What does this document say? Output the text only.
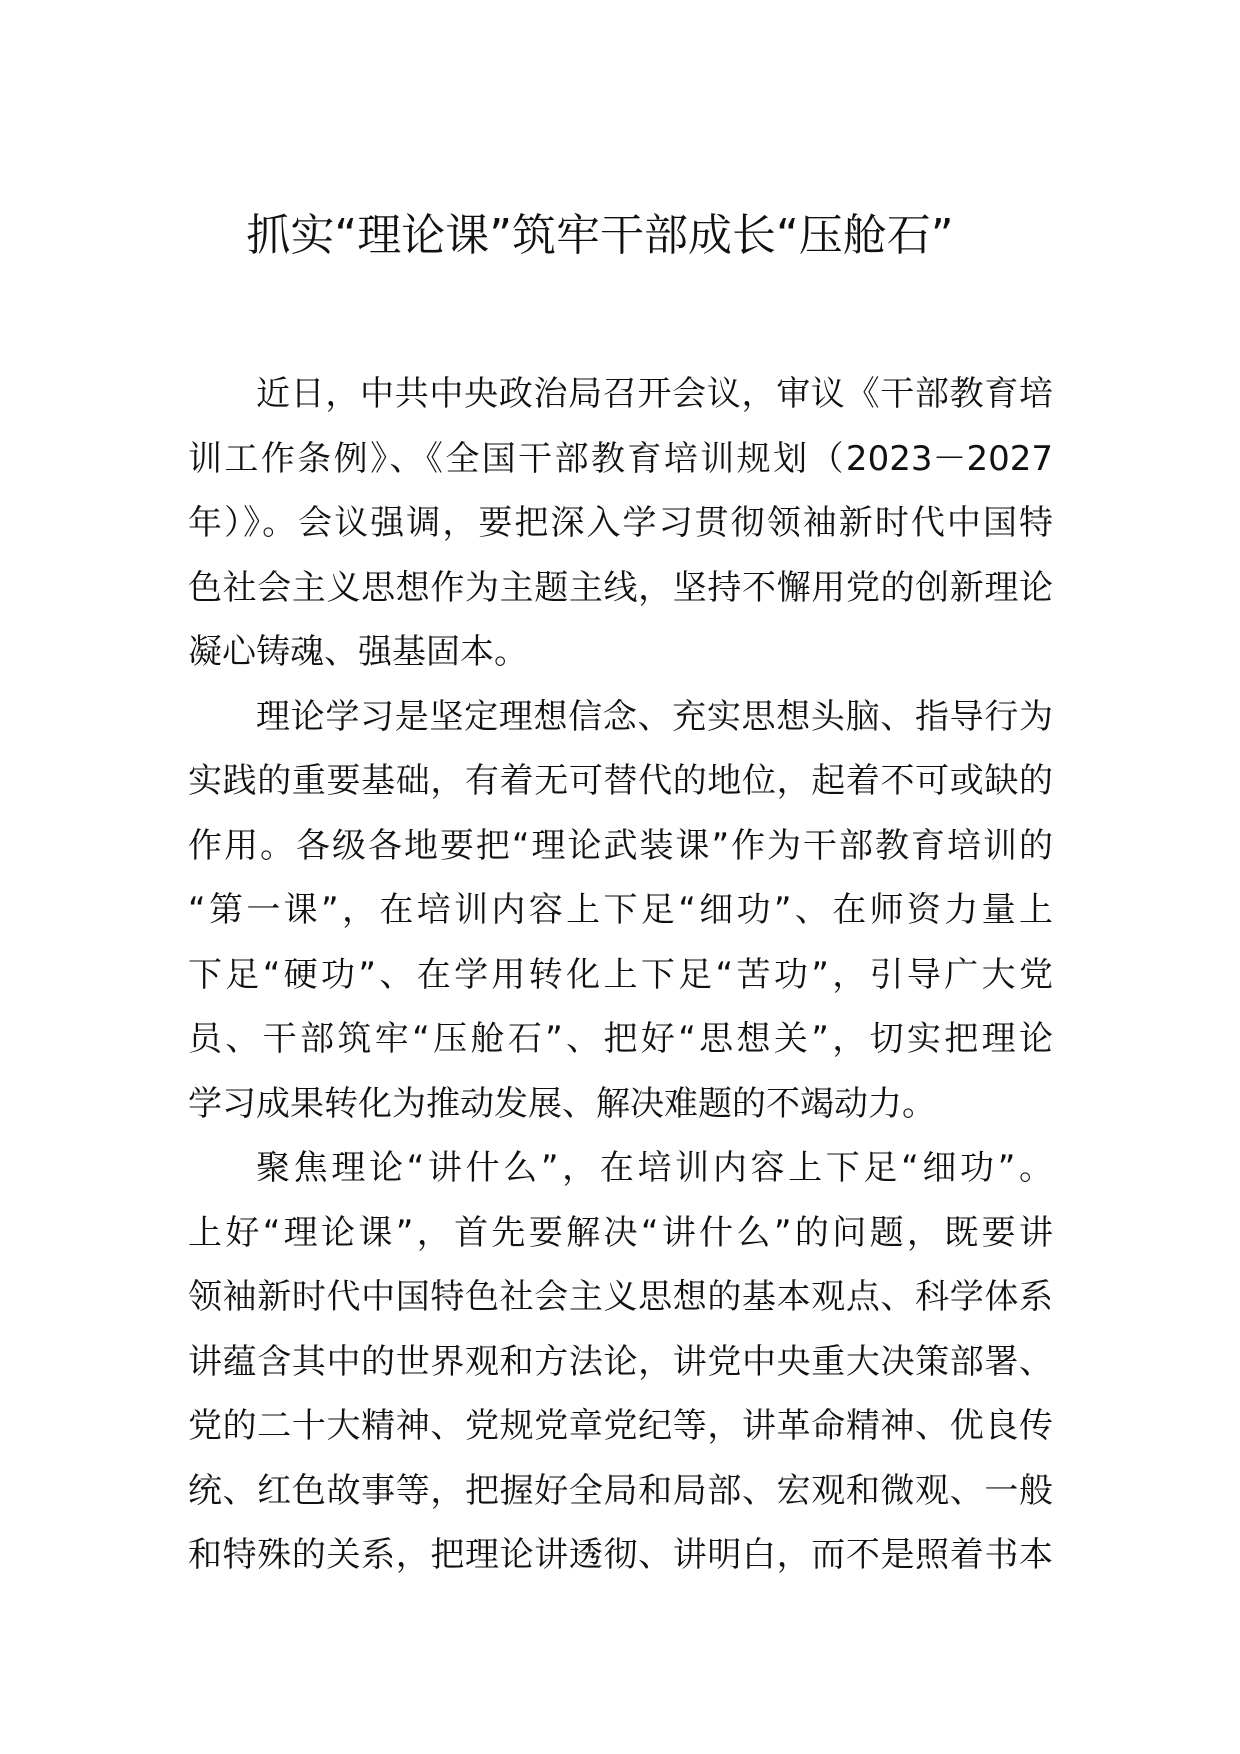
抓实“理论课”筑牢干部成长“压舱石”
近日，中共中央政治局召开会议，审议《干部教育培
训工作条例》、《全国干部教育培训规划（2023－2027
年）》。会议强调，要把深入学习贯彻领袖新时代中国特
色社会主义思想作为主题主线，坚持不懈用党的创新理论
凝心铸魂、强基固本。
理论学习是坚定理想信念、充实思想头脑、指导行为
实践的重要基础，有着无可替代的地位，起着不可或缺的
作用。各级各地要把“理论武装课”作为干部教育培训的
“第一课”，在培训内容上下足“细功”、在师资力量上
下足“硬功”、在学用转化上下足“苦功”，引导广大党
员、干部筑牢“压舱石”、把好“思想关”，切实把理论
学习成果转化为推动发展、解决难题的不竭动力。
聚焦理论“讲什么”，在培训内容上下足“细功”。
上好“理论课”，首先要解决“讲什么”的问题，既要讲
领袖新时代中国特色社会主义思想的基本观点、科学体系
讲蕴含其中的世界观和方法论，讲党中央重大决策部署、
党的二十大精神、党规党章党纪等，讲革命精神、优良传
统、红色故事等，把握好全局和局部、宏观和微观、一般
和特殊的关系，把理论讲透彻、讲明白，而不是照着书本
